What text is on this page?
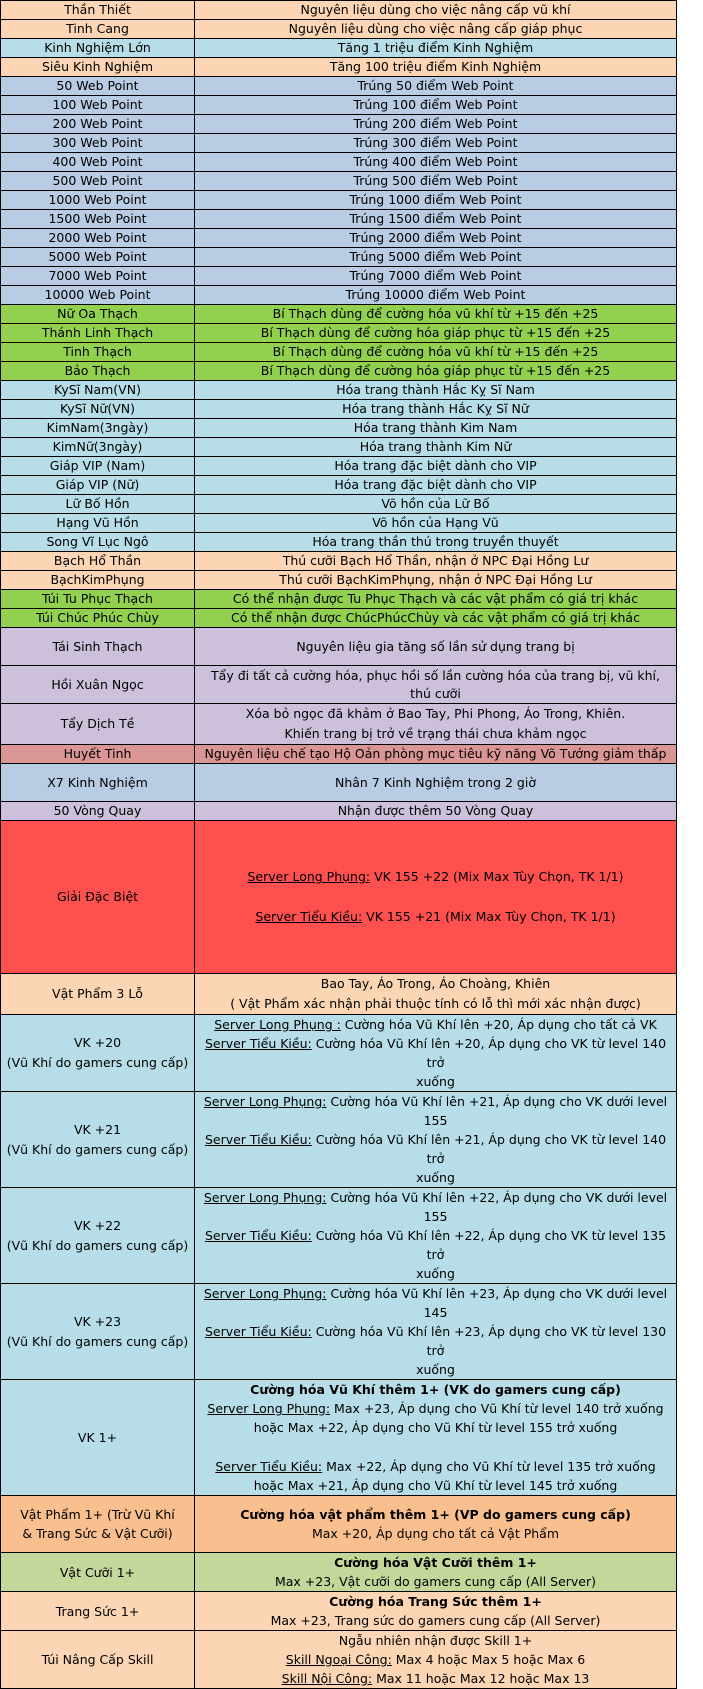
Thần Thiết	Nguyên liệu dùng cho việc nâng cấp vũ khí

Tinh Cang	Nguyên liệu dùng cho việc nâng cấp giáp phục

Kinh Nghiệm Lớn	Tăng 1 triệu điểm Kinh Nghiệm

Siêu Kinh Nghiệm	Tăng 100 triệu điểm Kinh Nghiệm

50 Web Point	Trúng 50 điểm Web Point

100 Web Point	Trúng 100 điểm Web Point

200 Web Point	Trúng 200 điểm Web Point

300 Web Point	Trúng 300 điểm Web Point

400 Web Point	Trúng 400 điểm Web Point

500 Web Point	Trúng 500 điểm Web Point

1000 Web Point	Trúng 1000 điểm Web Point

1500 Web Point	Trúng 1500 điểm Web Point

2000 Web Point	Trúng 2000 điểm Web Point

5000 Web Point	Trúng 5000 điểm Web Point

7000 Web Point	Trúng 7000 điểm Web Point

10000 Web Point	Trúng 10000 điểm Web Point

Nữ Oa Thạch	Bí Thạch dùng để cường hóa vũ khí từ +15 đến +25

Thánh Linh Thạch	Bí Thạch dùng để cường hóa giáp phục từ +15 đến +25

Tinh Thạch	Bí Thạch dùng để cường hóa vũ khí từ +15 đến +25

Bảo Thạch	Bí Thạch dùng để cường hóa giáp phục từ +15 đến +25

KySĩ Nam(VN)	Hóa trang thành Hắc Kỵ Sĩ Nam

KySĩ Nữ(VN)	Hóa trang thành Hắc Kỵ Sĩ Nữ

KimNam(3ngày)	Hóa trang thành Kim Nam

KimNữ(3ngày)	Hóa trang thành Kim Nữ

Giáp VIP (Nam)	Hóa trang đặc biệt dành cho VIP

Giáp VIP (Nữ)	Hóa trang đặc biệt dành cho VIP

Lữ Bố Hồn	Võ hồn của Lữ Bố

Hạng Vũ Hồn	Võ hồn của Hạng Vũ

Song Vĩ Lục Ngô	Hóa trang thần thú trong truyền thuyết

Bạch Hổ Thần	Thú cưỡi Bạch Hổ Thần, nhận ở NPC Đại Hồng Lư

BạchKimPhụng	Thú cưỡi BạchKimPhụng, nhận ở NPC Đại Hồng Lư

Túi Tu Phục Thạch	Có thể nhận được Tu Phục Thạch và các vật phẩm có giá trị khác

Túi Chúc Phúc Chùy	Có thể nhận được ChúcPhúcChùy và các vật phẩm có giá trị khác

Tái Sinh Thạch	Nguyên liệu gia tăng số lần sử dụng trang bị

Hồi Xuân Ngọc	Tẩy đi tất cả cường hóa, phục hồi số lần cường hóa của trang bị, vũ khí, thú cưỡi

Tẩy Dịch Tề	Xóa bỏ ngọc đã khảm ở Bao Tay, Phi Phong, Áo Trong, Khiên.
Khiến trang bị trở về trạng thái chưa khảm ngọc

Huyết Tinh	Nguyên liệu chế tạo Hộ Oản phòng mục tiêu kỹ năng Võ Tướng giảm thấp

X7 Kinh Nghiệm	Nhân 7 Kinh Nghiệm trong 2 giờ

50 Vòng Quay	Nhận được thêm 50 Vòng Quay

Giải Đặc Biệt	Server Long Phụng: VK 155 +22 (Mix Max Tùy Chọn, TK 1/1)
Server Tiểu Kiều: VK 155 +21 (Mix Max Tùy Chọn, TK 1/1)

Vật Phẩm 3 Lỗ	Bao Tay, Áo Trong, Áo Choàng, Khiên
( Vật Phẩm xác nhận phải thuộc tính có lỗ thì mới xác nhận được)

VK +20
(Vũ Khí do gamers cung cấp)	Server Long Phụng : Cường hóa Vũ Khí lên +20, Áp dụng cho tất cả VK
Server Tiểu Kiều: Cường hóa Vũ Khí lên +20, Áp dụng cho VK từ level 140 trở
xuống

VK +21
(Vũ Khí do gamers cung cấp)	Server Long Phụng: Cường hóa Vũ Khí lên +21, Áp dụng cho VK dưới level 155
Server Tiểu Kiều: Cường hóa Vũ Khí lên +21, Áp dụng cho VK từ level 140 trở
xuống

VK +22
(Vũ Khí do gamers cung cấp)	Server Long Phụng: Cường hóa Vũ Khí lên +22, Áp dụng cho VK dưới level 155
Server Tiểu Kiều: Cường hóa Vũ Khí lên +22, Áp dụng cho VK từ level 135 trở
xuống

VK +23
(Vũ Khí do gamers cung cấp)	Server Long Phụng: Cường hóa Vũ Khí lên +23, Áp dụng cho VK dưới level 145
Server Tiểu Kiều: Cường hóa Vũ Khí lên +23, Áp dụng cho VK từ level 130 trở
xuống

VK 1+	Cường hóa Vũ Khí thêm 1+ (VK do gamers cung cấp)
Server Long Phụng: Max +23, Áp dụng cho Vũ Khí từ level 140 trở xuống
hoặc Max +22, Áp dụng cho Vũ Khí từ level 155 trở xuống
Server Tiểu Kiều: Max +22, Áp dụng cho Vũ Khí từ level 135 trở xuống
hoặc Max +21, Áp dụng cho Vũ Khí từ level 145 trở xuống

Vật Phẩm 1+ (Trừ Vũ Khí
& Trang Sức & Vật Cưỡi)	Cường hóa vật phẩm thêm 1+ (VP do gamers cung cấp)
Max +20, Áp dụng cho tất cả Vật Phẩm

Vật Cưỡi 1+	Cường hóa Vật Cưỡi thêm 1+
Max +23, Vật cưỡi do gamers cung cấp (All Server)

Trang Sức 1+	Cường hóa Trang Sức thêm 1+
Max +23, Trang sức do gamers cung cấp (All Server)

Túi Nâng Cấp Skill	Ngẫu nhiên nhận được Skill 1+
Skill Ngoại Công: Max 4 hoặc Max 5 hoặc Max 6
Skill Nội Công: Max 11 hoặc Max 12 hoặc Max 13
